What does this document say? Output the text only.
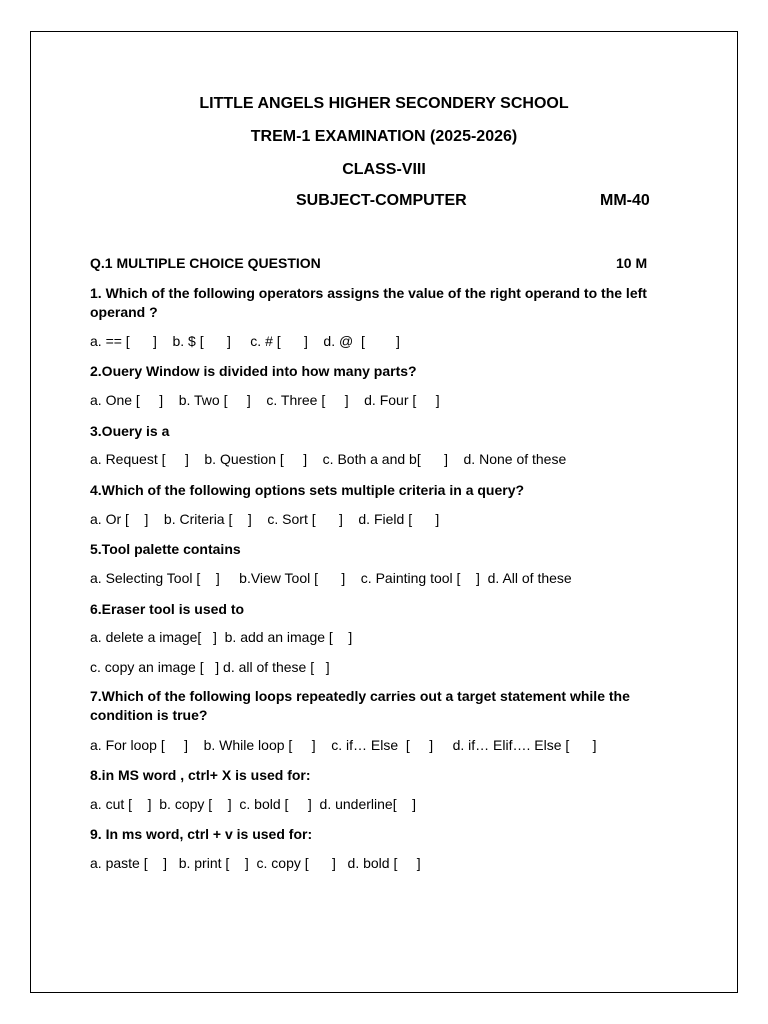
LITTLE ANGELS HIGHER SECONDERY SCHOOL
TREM-1 EXAMINATION (2025-2026)
CLASS-VIII
SUBJECT-COMPUTER	MM-40
Q.1 MULTIPLE CHOICE QUESTION	10 M
1. Which of the following operators assigns the value of the right operand to the left operand ?
a. == [      ]    b. $ [      ]     c. # [      ]    d. @  [        ]
2.Ouery Window is divided into how many parts?
a. One [     ]    b. Two [     ]    c. Three [     ]    d. Four [     ]
3.Ouery is a
a. Request [     ]    b. Question [     ]    c. Both a and b[      ]    d. None of these
4.Which of the following options sets multiple criteria in a query?
a. Or [    ]    b. Criteria [    ]    c. Sort [      ]    d. Field [      ]
5.Tool palette contains
a. Selecting Tool [    ]     b.View Tool [      ]    c. Painting tool [    ]  d. All of these
6.Eraser tool is used to
a. delete a image[   ]  b. add an image [    ]
c. copy an image [   ] d. all of these [   ]
7.Which of the following loops repeatedly carries out a target statement while the condition is true?
a. For loop [     ]    b. While loop [     ]    c. if… Else  [     ]     d. if… Elif…. Else [      ]
8.in MS word , ctrl+ X is used for:
a. cut [    ]  b. copy [    ]  c. bold [     ]  d. underline[    ]
9. In ms word, ctrl + v is used for:
a. paste [    ]   b. print [    ]  c. copy [      ]   d. bold [     ]
